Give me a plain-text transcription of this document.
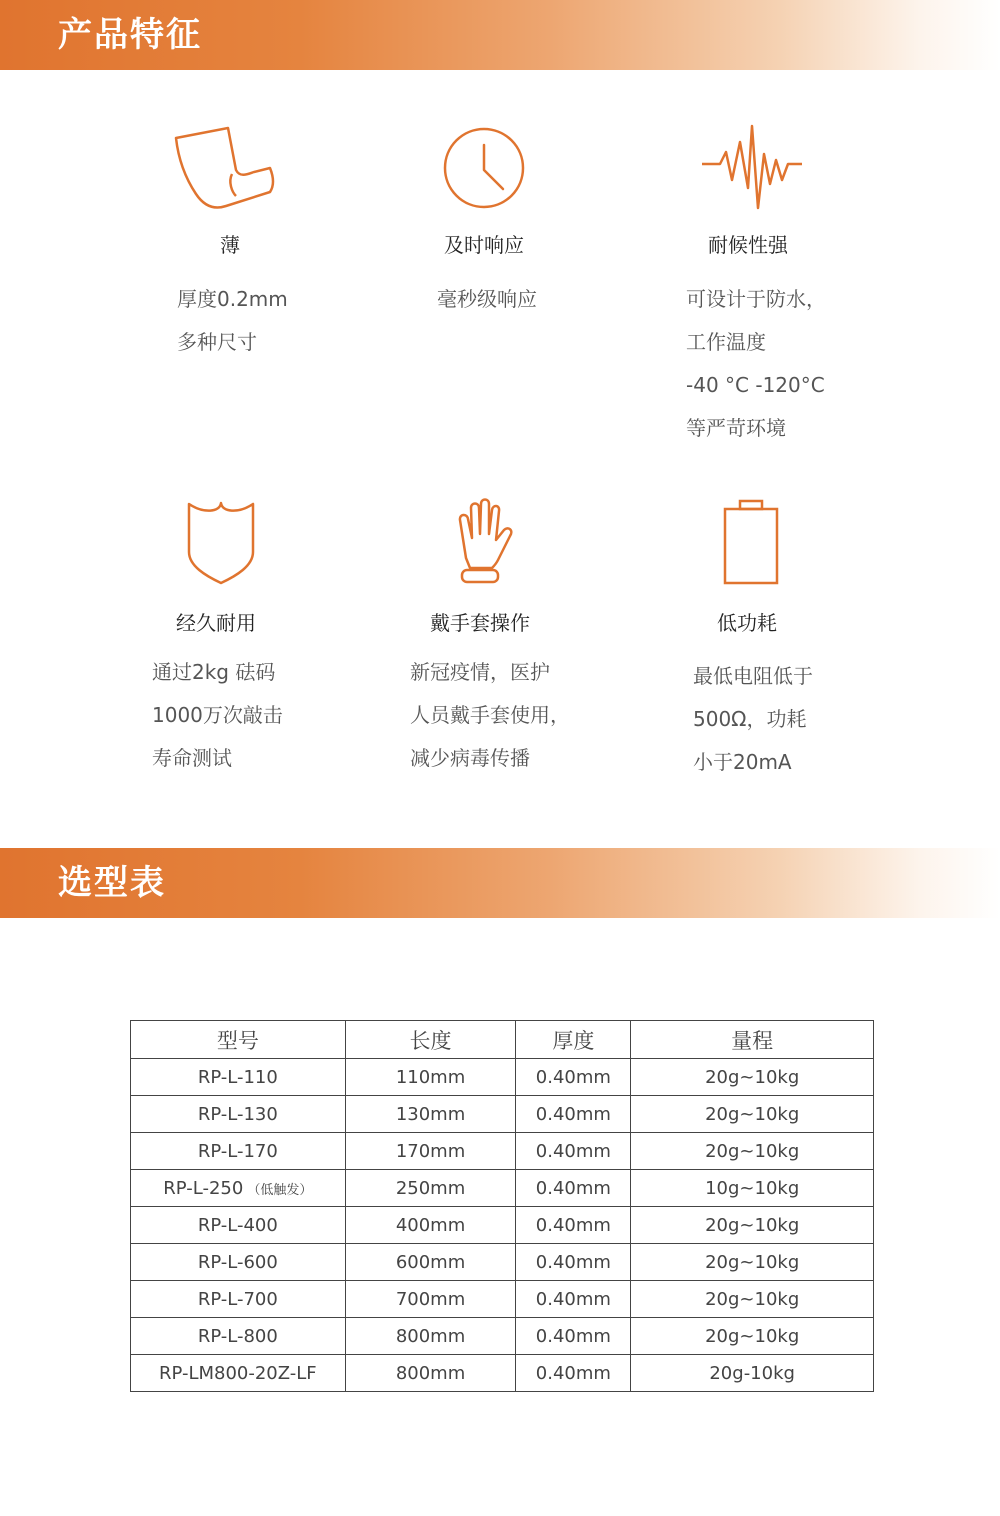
产品特征
薄
厚度0.2mm
多种尺寸
及时响应
毫秒级响应
耐候性强
可设计于防水，
工作温度
-40 °C -120°C
等严苛环境
经久耐用
通过2kg 砝码
1000万次敲击
寿命测试
戴手套操作
新冠疫情，医护
人员戴手套使用，
减少病毒传播
低功耗
最低电阻低于
500Ω，功耗
小于20mA
选型表
型号	长度	厚度	量程
RP-L-110	110mm	0.40mm	20g~10kg
RP-L-130	130mm	0.40mm	20g~10kg
RP-L-170	170mm	0.40mm	20g~10kg
RP-L-250 （低触发）	250mm	0.40mm	10g~10kg
RP-L-400	400mm	0.40mm	20g~10kg
RP-L-600	600mm	0.40mm	20g~10kg
RP-L-700	700mm	0.40mm	20g~10kg
RP-L-800	800mm	0.40mm	20g~10kg
RP-LM800-20Z-LF	800mm	0.40mm	20g-10kg
